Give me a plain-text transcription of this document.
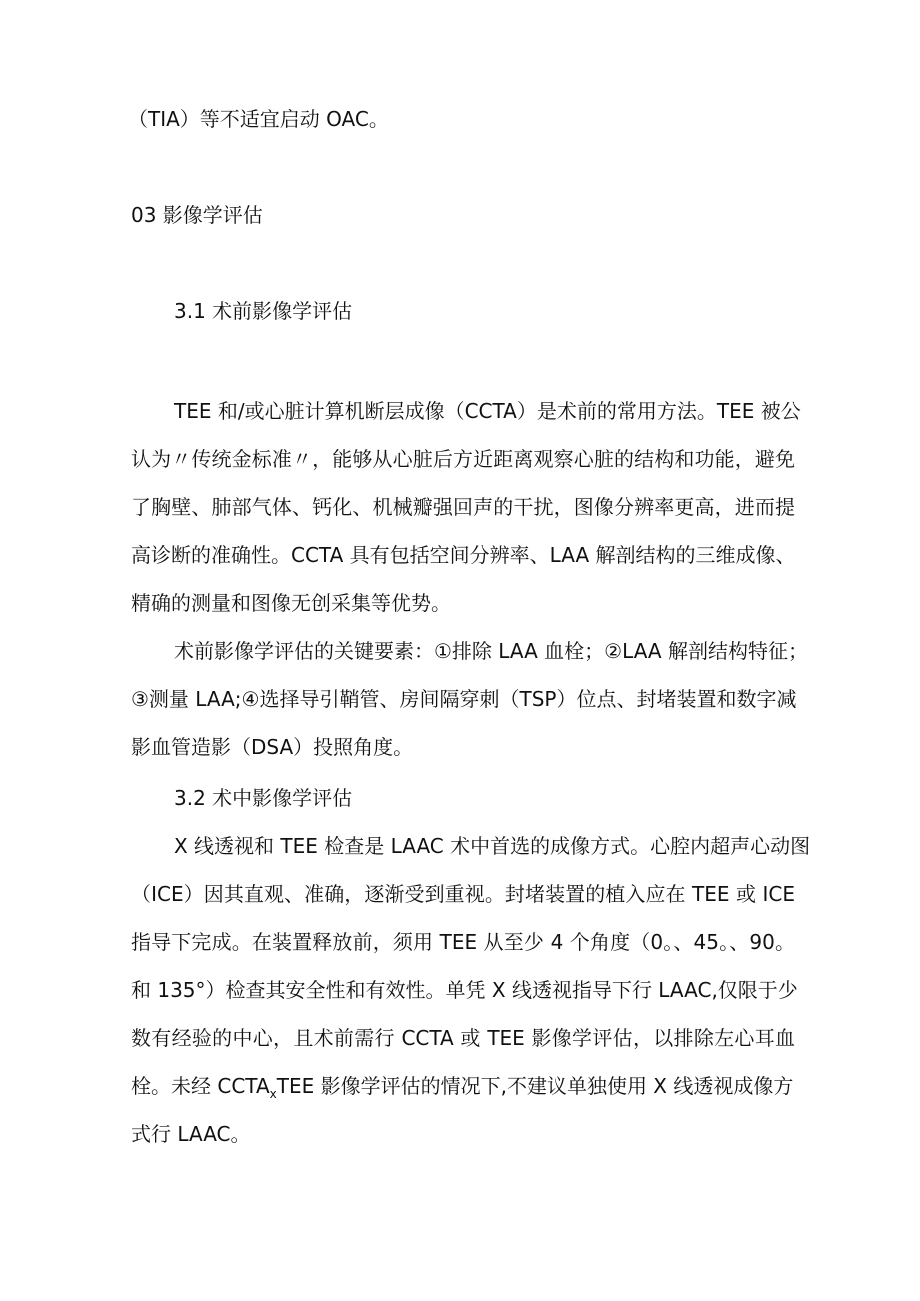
（TIA）等不适宜启动 OAC。

03 影像学评估

3.1 术前影像学评估

TEE 和/或心脏计算机断层成像（CCTA）是术前的常用方法。TEE 被公

认为〃传统金标准〃，能够从心脏后方近距离观察心脏的结构和功能，避免

了胸壁、肺部气体、钙化、机械瓣强回声的干扰，图像分辨率更高，进而提

高诊断的准确性。CCTA 具有包括空间分辨率、LAA 解剖结构的三维成像、

精确的测量和图像无创采集等优势。

术前影像学评估的关键要素：①排除 LAA 血栓；②LAA 解剖结构特征；

③测量 LAA;④选择导引鞘管、房间隔穿刺（TSP）位点、封堵装置和数字减

影血管造影（DSA）投照角度。

3.2 术中影像学评估

X 线透视和 TEE 检查是 LAAC 术中首选的成像方式。心腔内超声心动图

（ICE）因其直观、准确，逐渐受到重视。封堵装置的植入应在 TEE 或 ICE

指导下完成。在装置释放前，须用 TEE 从至少 4 个角度（0。、45。、90。

和 135°）检查其安全性和有效性。单凭 X 线透视指导下行 LAAC,仅限于少

数有经验的中心，且术前需行 CCTA 或 TEE 影像学评估，以排除左心耳血

栓。未经 $CCTA_xTEE$ 影像学评估的情况下,不建议单独使用 X 线透视成像方

式行 LAAC。
